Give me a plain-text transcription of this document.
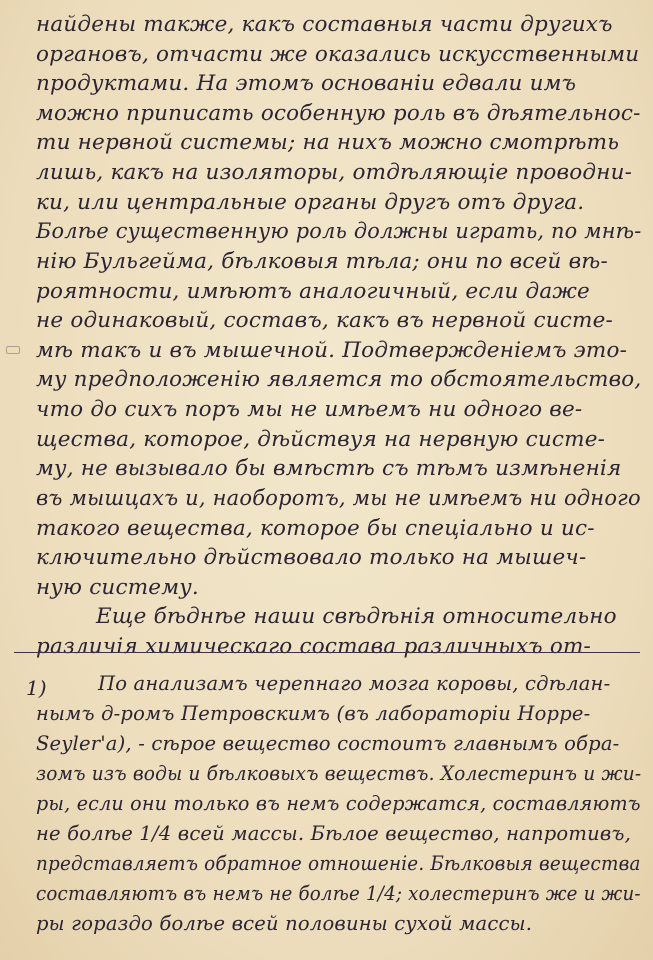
найдены также, какъ составныя части другихъ
органовъ, отчасти же оказались искусственными
продуктами. На этомъ основаніи едвали имъ
можно приписать особенную роль въ дѣятельнос-
ти нервной системы; на нихъ можно смотрѣть
лишь, какъ на изоляторы, отдѣляющіе проводни-
ки, или центральные органы другъ отъ друга.
Болѣе существенную роль должны играть, по мнѣ-
нію Бульгейма, бѣлковыя тѣла; они по всей вѣ-
роятности, имѣютъ аналогичный, если даже
не одинаковый, составъ, какъ въ нервной систе-
мѣ такъ и въ мышечной. Подтвержденіемъ это-
му предположенію является то обстоятельство,
что до сихъ поръ мы не имѣемъ ни одного ве-
щества, которое, дѣйствуя на нервную систе-
му, не вызывало бы вмѣстѣ съ тѣмъ измѣненія
въ мышцахъ и, наоборотъ, мы не имѣемъ ни одного
такого вещества, которое бы спеціально и ис-
ключительно дѣйствовало только на мышеч-
ную систему.
Еще бѣднѣе наши свѣдѣнія относительно
различія химическаго состава различныхъ от-
1)	По анализамъ черепнаго мозга коровы, сдѣлан-
нымъ д-ромъ Петровскимъ (въ лабораторіи Норре-
Seyler'a), - cѣрое вещество состоитъ главнымъ обра-
зомъ изъ воды и бѣлковыхъ веществъ. Холестеринъ и жи-
ры, если они только въ немъ содержатся, составляютъ
не болѣе 1/4 всей массы. Бѣлое вещество, напротивъ,
представляетъ обратное отношеніе. Бѣлковыя вещества
составляютъ въ немъ не болѣе 1/4; холестеринъ же и жи-
ры гораздо болѣе всей половины сухой массы.
